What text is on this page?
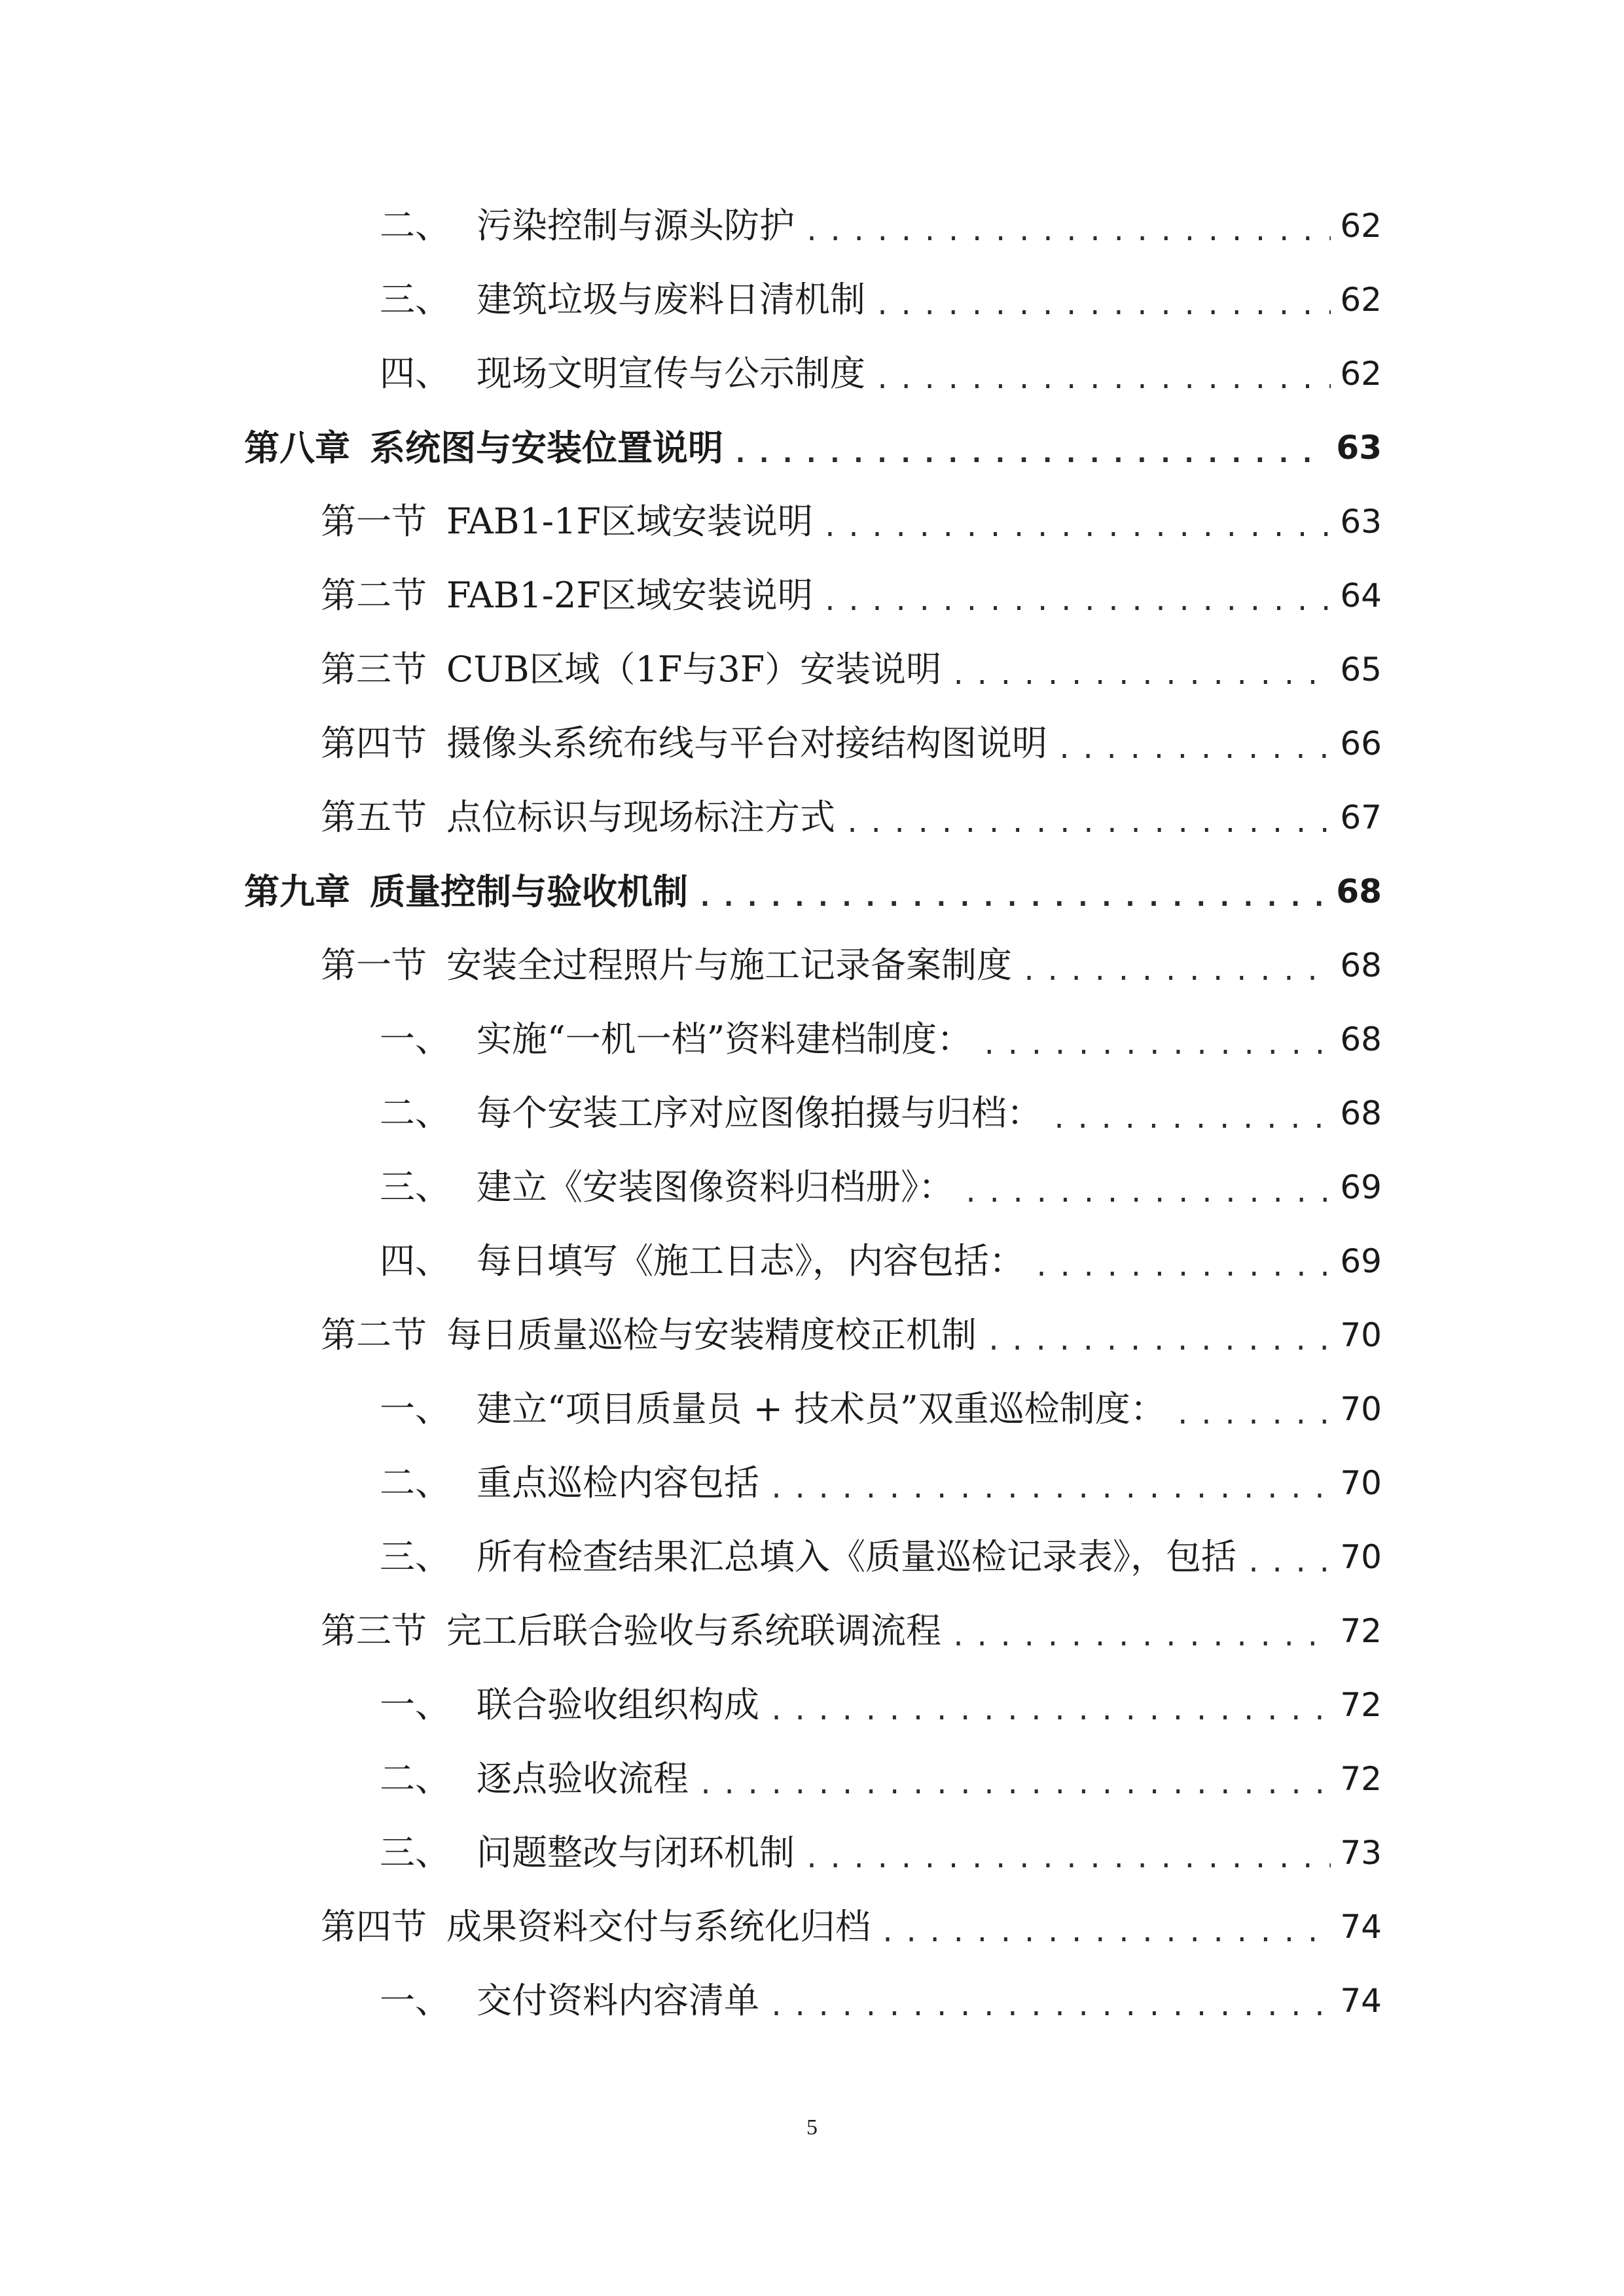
二、 污染控制与源头防护 .....	62
三、 建筑垃圾与废料日清机制 .....	62
四、 现场文明宣传与公示制度 .....	62
第八章 系统图与安装位置说明 .....	63
第一节 FAB1-1F区域安装说明 .....	63
第二节 FAB1-2F区域安装说明 .....	64
第三节 CUB区域（1F与3F）安装说明 .....	65
第四节 摄像头系统布线与平台对接结构图说明 .....	66
第五节 点位标识与现场标注方式 .....	67
第九章 质量控制与验收机制 .....	68
第一节 安装全过程照片与施工记录备案制度 .....	68
一、 实施“一机一档”资料建档制度： .....	68
二、 每个安装工序对应图像拍摄与归档： .....	68
三、 建立《安装图像资料归档册》： .....	69
四、 每日填写《施工日志》，内容包括： .....	69
第二节 每日质量巡检与安装精度校正机制 .....	70
一、 建立“项目质量员 + 技术员”双重巡检制度： .....	70
二、 重点巡检内容包括 .....	70
三、 所有检查结果汇总填入《质量巡检记录表》，包括 .....	70
第三节 完工后联合验收与系统联调流程 .....	72
一、 联合验收组织构成 .....	72
二、 逐点验收流程 .....	72
三、 问题整改与闭环机制 .....	73
第四节 成果资料交付与系统化归档 .....	74
一、 交付资料内容清单 .....	74
5
